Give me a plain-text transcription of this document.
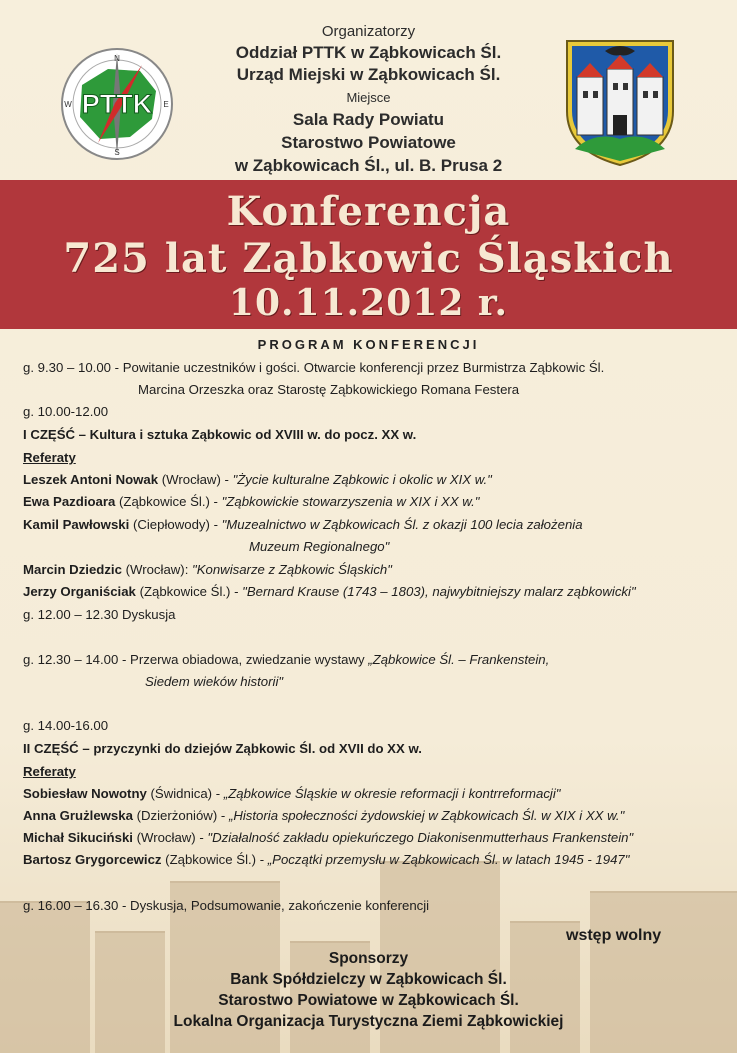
PTTK
N
S
W	E
Organizatorzy
Oddział PTTK w Ząbkowicach Śl.
Urząd Miejski w Ząbkowicach Śl.
Miejsce
Sala Rady Powiatu
Starostwo Powiatowe
w Ząbkowicach Śl., ul. B. Prusa 2
Konferencja
725 lat Ząbkowic Śląskich
10.11.2012 r.
PROGRAM KONFERENCJI
g. 9.30 – 10.00 - Powitanie uczestników i gości. Otwarcie konferencji przez Burmistrza Ząbkowic Śl.
Marcina Orzeszka oraz Starostę Ząbkowickiego Romana Festera
g. 10.00-12.00
I CZĘŚĆ – Kultura i sztuka Ząbkowic od XVIII w. do pocz. XX w.
Referaty
Leszek Antoni Nowak (Wrocław) - "Życie kulturalne Ząbkowic i okolic w XIX w."
Ewa Pazdioara (Ząbkowice Śl.) - "Ząbkowickie stowarzyszenia w XIX i XX w."
Kamil Pawłowski (Ciepłowody) - "Muzealnictwo w Ząbkowicach Śl. z okazji 100 lecia założenia
Muzeum Regionalnego"
Marcin Dziedzic (Wrocław): "Konwisarze z Ząbkowic Śląskich"
Jerzy Organiściak (Ząbkowice Śl.) - "Bernard Krause (1743 – 1803), najwybitniejszy malarz ząbkowicki"
g. 12.00 – 12.30 Dyskusja
g. 12.30 – 14.00 - Przerwa obiadowa, zwiedzanie wystawy „Ząbkowice Śl. – Frankenstein,
Siedem wieków historii"
g. 14.00-16.00
II CZĘŚĆ – przyczynki do dziejów Ząbkowic Śl. od XVII do XX w.
Referaty
Sobiesław Nowotny (Świdnica) - „Ząbkowice Śląskie w okresie reformacji i kontrreformacji"
Anna Grużlewska (Dzierżoniów) - „Historia społeczności żydowskiej w Ząbkowicach Śl. w XIX i XX w."
Michał Sikuciński (Wrocław) - "Działalność zakładu opiekuńczego Diakonisenmutterhaus Frankenstein"
Bartosz Grygorcewicz (Ząbkowice Śl.) - „Początki przemysłu w Ząbkowicach Śl. w latach 1945 - 1947"
g. 16.00 – 16.30 - Dyskusja, Podsumowanie, zakończenie konferencji
wstęp wolny
Sponsorzy
Bank Spółdzielczy w Ząbkowicach Śl.
Starostwo Powiatowe w Ząbkowicach Śl.
Lokalna Organizacja Turystyczna Ziemi Ząbkowickiej
